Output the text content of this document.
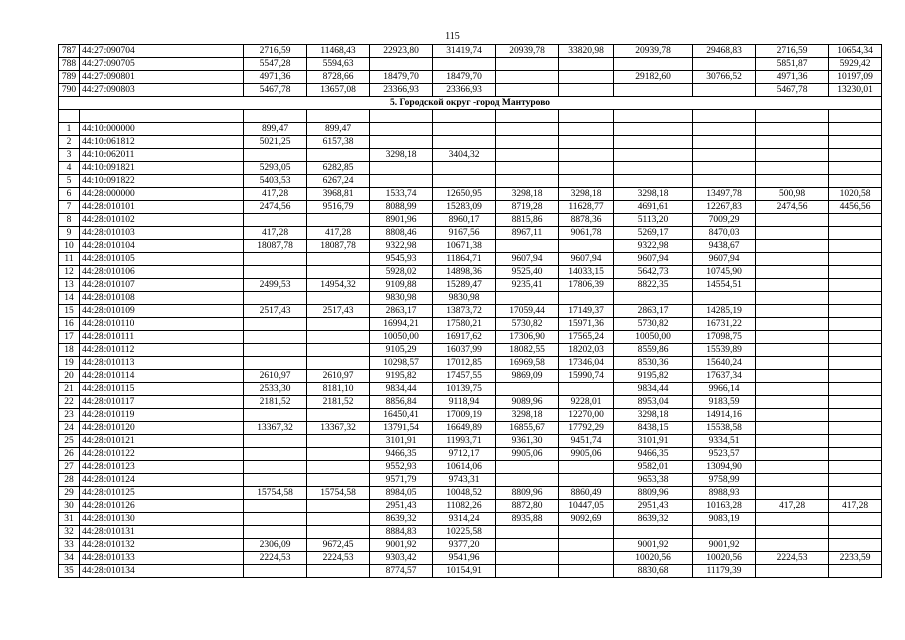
115
787	44:27:090704	2716,59	11468,43	22923,80	31419,74	20939,78	33820,98	20939,78	29468,83	2716,59	10654,34
788	44:27:090705	5547,28	5594,63							5851,87	5929,42
789	44:27:090801	4971,36	8728,66	18479,70	18479,70			29182,60	30766,52	4971,36	10197,09
790	44:27:090803	5467,78	13657,08	23366,93	23366,93					5467,78	13230,01
5. Городской округ -город Мантурово											

1	44:10:000000	899,47	899,47								
2	44:10:061812	5021,25	6157,38								
3	44:10:062011			3298,18	3404,32						
4	44:10:091821	5293,05	6282,85								
5	44:10:091822	5403,53	6267,24								
6	44:28:000000	417,28	3968,81	1533,74	12650,95	3298,18	3298,18	3298,18	13497,78	500,98	1020,58
7	44:28:010101	2474,56	9516,79	8088,99	15283,09	8719,28	11628,77	4691,61	12267,83	2474,56	4456,56
8	44:28:010102			8901,96	8960,17	8815,86	8878,36	5113,20	7009,29		
9	44:28:010103	417,28	417,28	8808,46	9167,56	8967,11	9061,78	5269,17	8470,03		
10	44:28:010104	18087,78	18087,78	9322,98	10671,38			9322,98	9438,67		
11	44:28:010105			9545,93	11864,71	9607,94	9607,94	9607,94	9607,94		
12	44:28:010106			5928,02	14898,36	9525,40	14033,15	5642,73	10745,90		
13	44:28:010107	2499,53	14954,32	9109,88	15289,47	9235,41	17806,39	8822,35	14554,51		
14	44:28:010108			9830,98	9830,98						
15	44:28:010109	2517,43	2517,43	2863,17	13873,72	17059,44	17149,37	2863,17	14285,19		
16	44:28:010110			16994,21	17580,21	5730,82	15971,36	5730,82	16731,22		
17	44:28:010111			10050,00	16917,62	17306,90	17565,24	10050,00	17098,75		
18	44:28:010112			9105,29	16037,99	18082,55	18202,03	8559,86	15539,89		
19	44:28:010113			10298,57	17012,85	16969,58	17346,04	8530,36	15640,24		
20	44:28:010114	2610,97	2610,97	9195,82	17457,55	9869,09	15990,74	9195,82	17637,34		
21	44:28:010115	2533,30	8181,10	9834,44	10139,75			9834,44	9966,14		
22	44:28:010117	2181,52	2181,52	8856,84	9118,94	9089,96	9228,01	8953,04	9183,59		
23	44:28:010119			16450,41	17009,19	3298,18	12270,00	3298,18	14914,16		
24	44:28:010120	13367,32	13367,32	13791,54	16649,89	16855,67	17792,29	8438,15	15538,58		
25	44:28:010121			3101,91	11993,71	9361,30	9451,74	3101,91	9334,51		
26	44:28:010122			9466,35	9712,17	9905,06	9905,06	9466,35	9523,57		
27	44:28:010123			9552,93	10614,06			9582,01	13094,90		
28	44:28:010124			9571,79	9743,31			9653,38	9758,99		
29	44:28:010125	15754,58	15754,58	8984,05	10048,52	8809,96	8860,49	8809,96	8988,93		
30	44:28:010126			2951,43	11082,26	8872,80	10447,05	2951,43	10163,28	417,28	417,28
31	44:28:010130			8639,32	9314,24	8935,88	9092,69	8639,32	9083,19		
32	44:28:010131			8884,83	10225,58						
33	44:28:010132	2306,09	9672,45	9001,92	9377,20			9001,92	9001,92		
34	44:28:010133	2224,53	2224,53	9303,42	9541,96			10020,56	10020,56	2224,53	2233,59
35	44:28:010134			8774,57	10154,91			8830,68	11179,39		
